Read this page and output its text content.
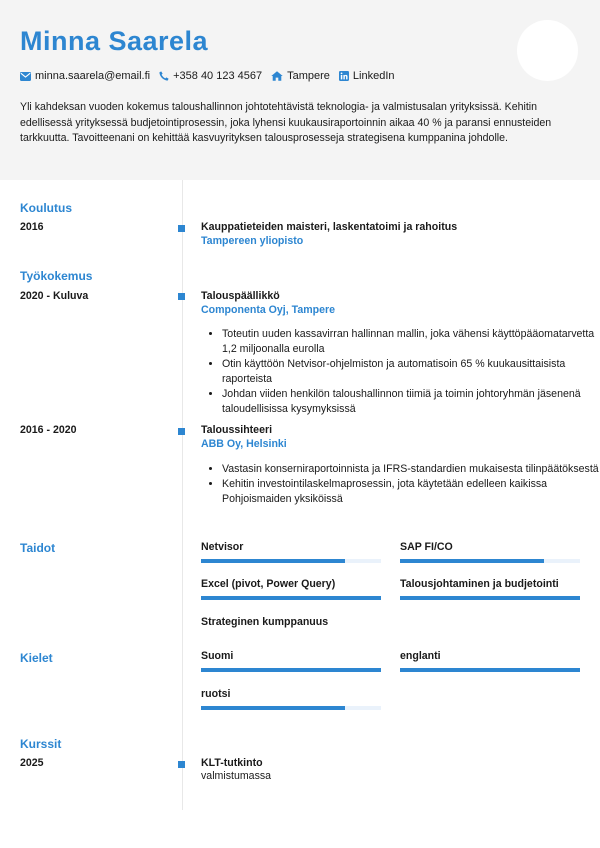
Minna Saarela
minna.saarela@email.fi +358 40 123 4567 Tampere LinkedIn
Yli kahdeksan vuoden kokemus taloushallinnon johtotehtävistä teknologia- ja valmistusalan yrityksissä. Kehitin edellisessä yrityksessä budjetointiprosessin, joka lyhensi kuukausiraportoinnin aikaa 40 % ja paransi ennusteiden tarkkuutta. Tavoitteenani on kehittää kasvuyrityksen talousprosesseja strategisena kumppanina johdolle.
Koulutus
2016	Kauppatieteiden maisteri, laskentatoimi ja rahoitus
Tampereen yliopisto
Työkokemus
2020 - Kuluva	Talouspäällikkö
Componenta Oyj, Tampere
• Toteutin uuden kassavirran hallinnan mallin, joka vähensi käyttöpääomatarvetta 1,2 miljoonalla eurolla
• Otin käyttöön Netvisor-ohjelmiston ja automatisoin 65 % kuukausittaisista raporteista
• Johdan viiden henkilön taloushallinnon tiimiä ja toimin johtoryhmän jäsenenä taloudellisissa kysymyksissä
2016 - 2020	Taloussihteeri
ABB Oy, Helsinki
• Vastasin konserniraportoinnista ja IFRS-standardien mukaisesta tilinpäätöksestä
• Kehitin investointilaskelmaprosessin, jota käytetään edelleen kaikissa Pohjoismaiden yksiköissä
Taidot	Netvisor	SAP FI/CO
Excel (pivot, Power Query)	Talousjohtaminen ja budjetointi
Strateginen kumppanuus
Kielet	Suomi	englanti
ruotsi
Kurssit
2025	KLT-tutkinto
valmistumassa
